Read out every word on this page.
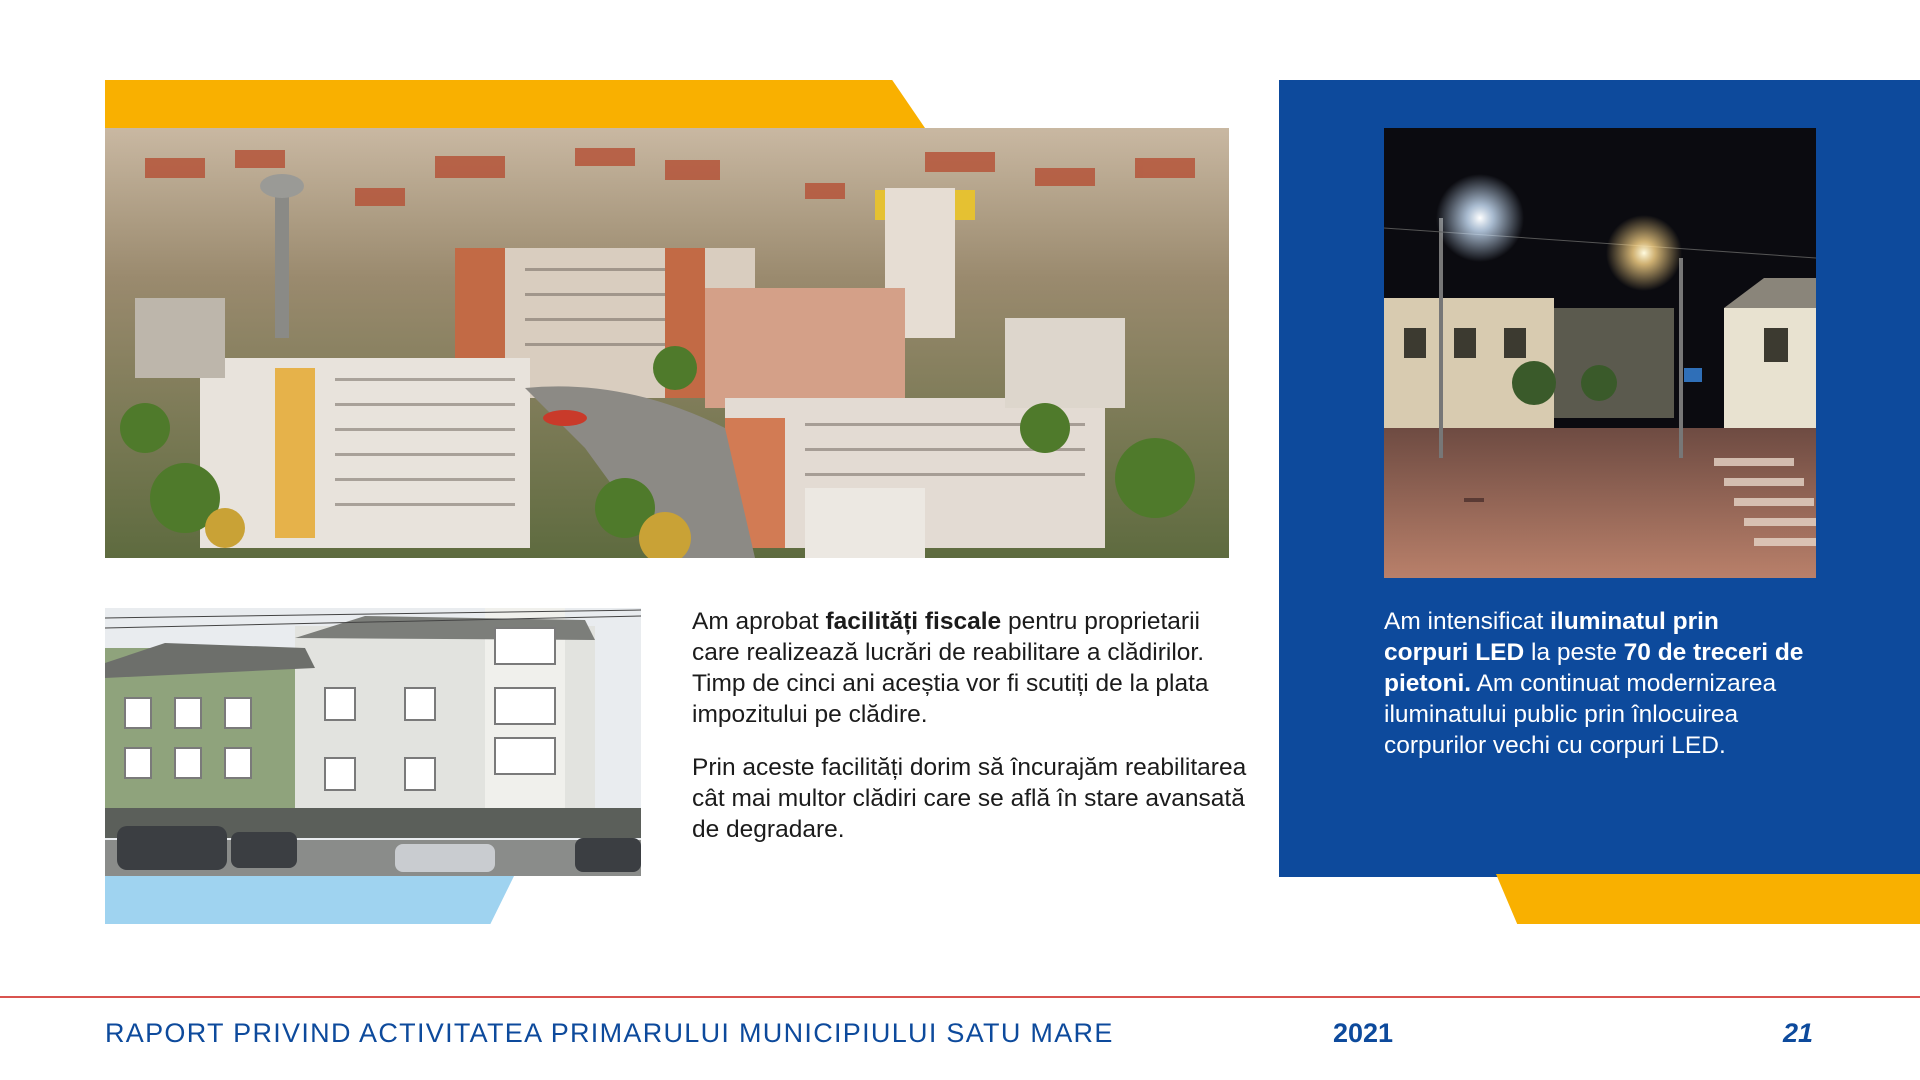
Am aprobat facilități fiscale pentru proprietarii care realizează lucrări de reabilitare a clădirilor. Timp de cinci ani aceștia vor fi scutiți de la plata impozitului pe clădire.

Prin aceste facilități dorim să încurajăm reabilitarea cât mai multor clădiri care se află în stare avansată de degradare.

Am intensificat iluminatul prin corpuri LED la peste 70 de treceri de pietoni. Am continuat modernizarea iluminatului public prin înlocuirea corpurilor vechi cu corpuri LED.

RAPORT PRIVIND ACTIVITATEA PRIMARULUI MUNICIPIULUI SATU MARE	2021	21
